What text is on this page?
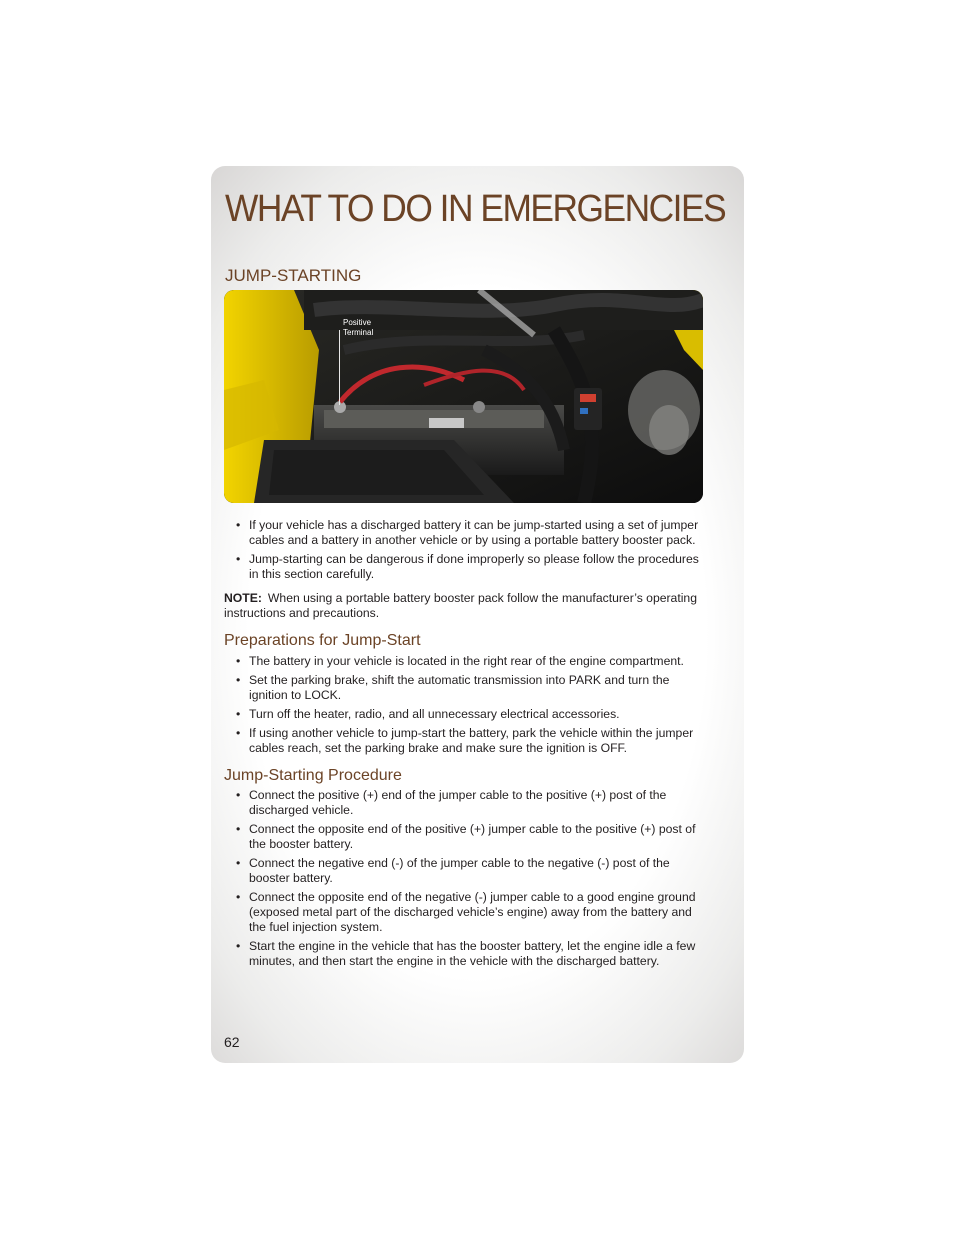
WHAT TO DO IN EMERGENCIES
JUMP-STARTING
Positive
Terminal
• If your vehicle has a discharged battery it can be jump-started using a set of jumper cables and a battery in another vehicle or by using a portable battery booster pack.
• Jump-starting can be dangerous if done improperly so please follow the procedures in this section carefully.

NOTE: When using a portable battery booster pack follow the manufacturer’s operating instructions and precautions.

Preparations for Jump-Start
• The battery in your vehicle is located in the right rear of the engine compartment.
• Set the parking brake, shift the automatic transmission into PARK and turn the ignition to LOCK.
• Turn off the heater, radio, and all unnecessary electrical accessories.
• If using another vehicle to jump-start the battery, park the vehicle within the jumper cables reach, set the parking brake and make sure the ignition is OFF.
Jump-Starting Procedure
• Connect the positive (+) end of the jumper cable to the positive (+) post of the discharged vehicle.
• Connect the opposite end of the positive (+) jumper cable to the positive (+) post of the booster battery.
• Connect the negative end (-) of the jumper cable to the negative (-) post of the booster battery.
• Connect the opposite end of the negative (-) jumper cable to a good engine ground (exposed metal part of the discharged vehicle’s engine) away from the battery and the fuel injection system.
• Start the engine in the vehicle that has the booster battery, let the engine idle a few minutes, and then start the engine in the vehicle with the discharged battery.
62
